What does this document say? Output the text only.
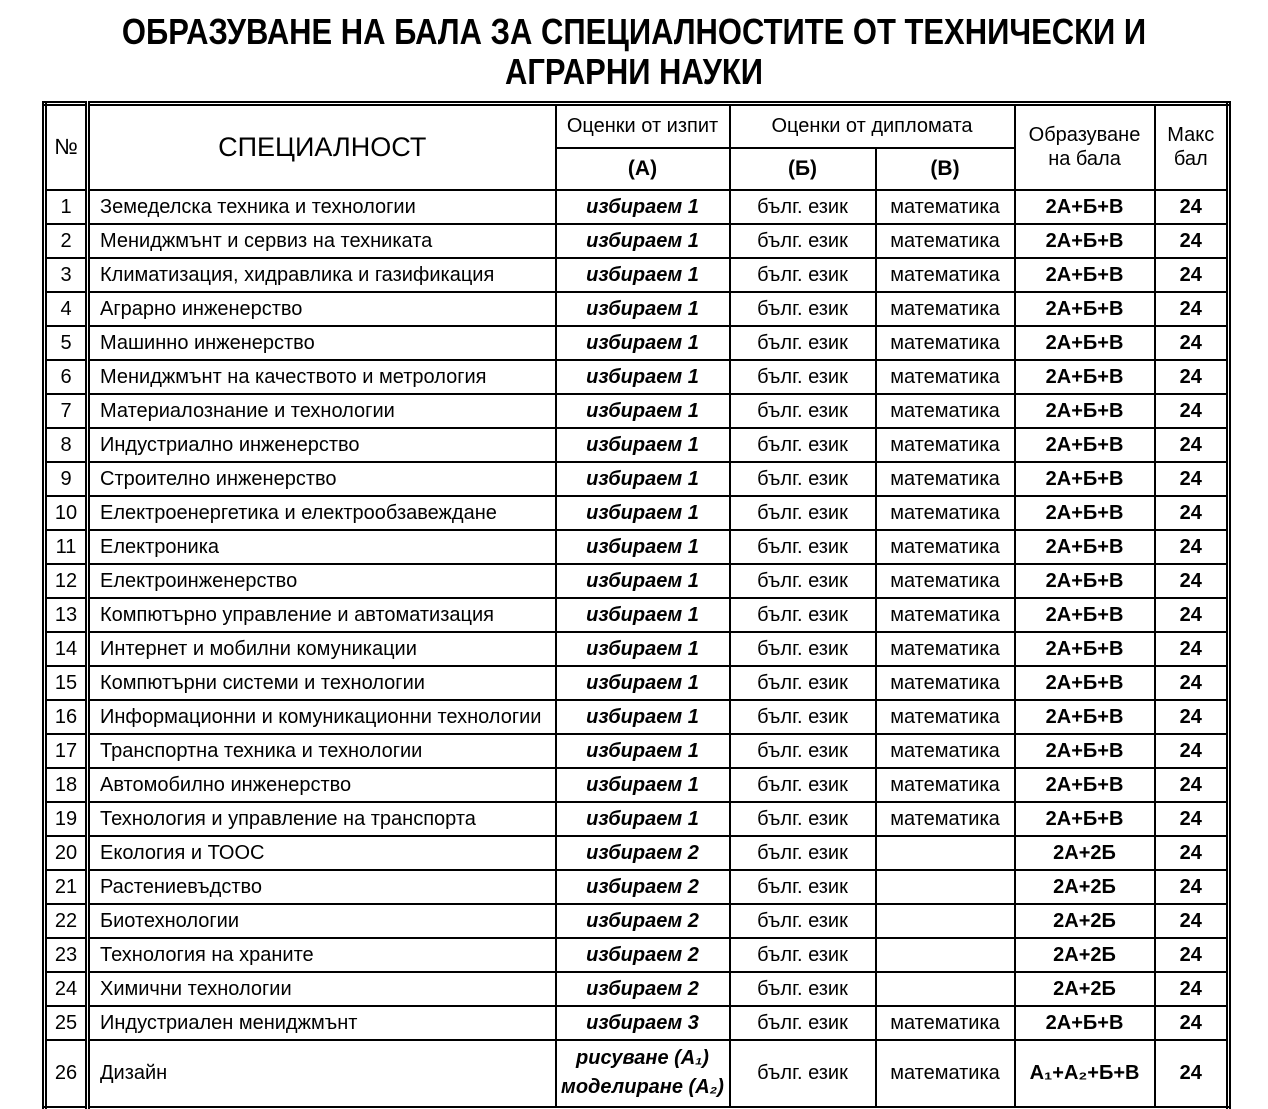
ОБРАЗУВАНЕ НА БАЛА ЗА СПЕЦИАЛНОСТИТЕ ОТ ТЕХНИЧЕСКИ И
АГРАРНИ НАУКИ
№	СПЕЦИАЛНОСТ	Оценки от изпит	Оценки от дипломата		Образуване на бала	Макс бал
		(А)	(Б)	(В)		
1	Земеделска техника и технологии	избираем 1	бълг. език	математика	2А+Б+В	24
2	Мениджмънт и сервиз на техниката	избираем 1	бълг. език	математика	2А+Б+В	24
3	Климатизация, хидравлика и газификация	избираем 1	бълг. език	математика	2А+Б+В	24
4	Аграрно инженерство	избираем 1	бълг. език	математика	2А+Б+В	24
5	Машинно инженерство	избираем 1	бълг. език	математика	2А+Б+В	24
6	Мениджмънт на качеството и метрология	избираем 1	бълг. език	математика	2А+Б+В	24
7	Материалознание и технологии	избираем 1	бълг. език	математика	2А+Б+В	24
8	Индустриално инженерство	избираем 1	бълг. език	математика	2А+Б+В	24
9	Строително инженерство	избираем 1	бълг. език	математика	2А+Б+В	24
10	Електроенергетика и електрообзавеждане	избираем 1	бълг. език	математика	2А+Б+В	24
11	Електроника	избираем 1	бълг. език	математика	2А+Б+В	24
12	Електроинженерство	избираем 1	бълг. език	математика	2А+Б+В	24
13	Компютърно управление и автоматизация	избираем 1	бълг. език	математика	2А+Б+В	24
14	Интернет и мобилни комуникации	избираем 1	бълг. език	математика	2А+Б+В	24
15	Компютърни системи и технологии	избираем 1	бълг. език	математика	2А+Б+В	24
16	Информационни и комуникационни технологии	избираем 1	бълг. език	математика	2А+Б+В	24
17	Транспортна техника и технологии	избираем 1	бълг. език	математика	2А+Б+В	24
18	Автомобилно инженерство	избираем 1	бълг. език	математика	2А+Б+В	24
19	Технология и управление на транспорта	избираем 1	бълг. език	математика	2А+Б+В	24
20	Екология и ТООС	избираем 2	бълг. език		2А+2Б	24
21	Растениевъдство	избираем 2	бълг. език		2А+2Б	24
22	Биотехнологии	избираем 2	бълг. език		2А+2Б	24
23	Технология на храните	избираем 2	бълг. език		2А+2Б	24
24	Химични технологии	избираем 2	бълг. език		2А+2Б	24
25	Индустриален мениджмънт	избираем 3	бълг. език	математика	2А+Б+В	24
26	Дизайн	рисуване (А₁)
моделиране (А₂)	бълг. език	математика	А₁+А₂+Б+В	24
